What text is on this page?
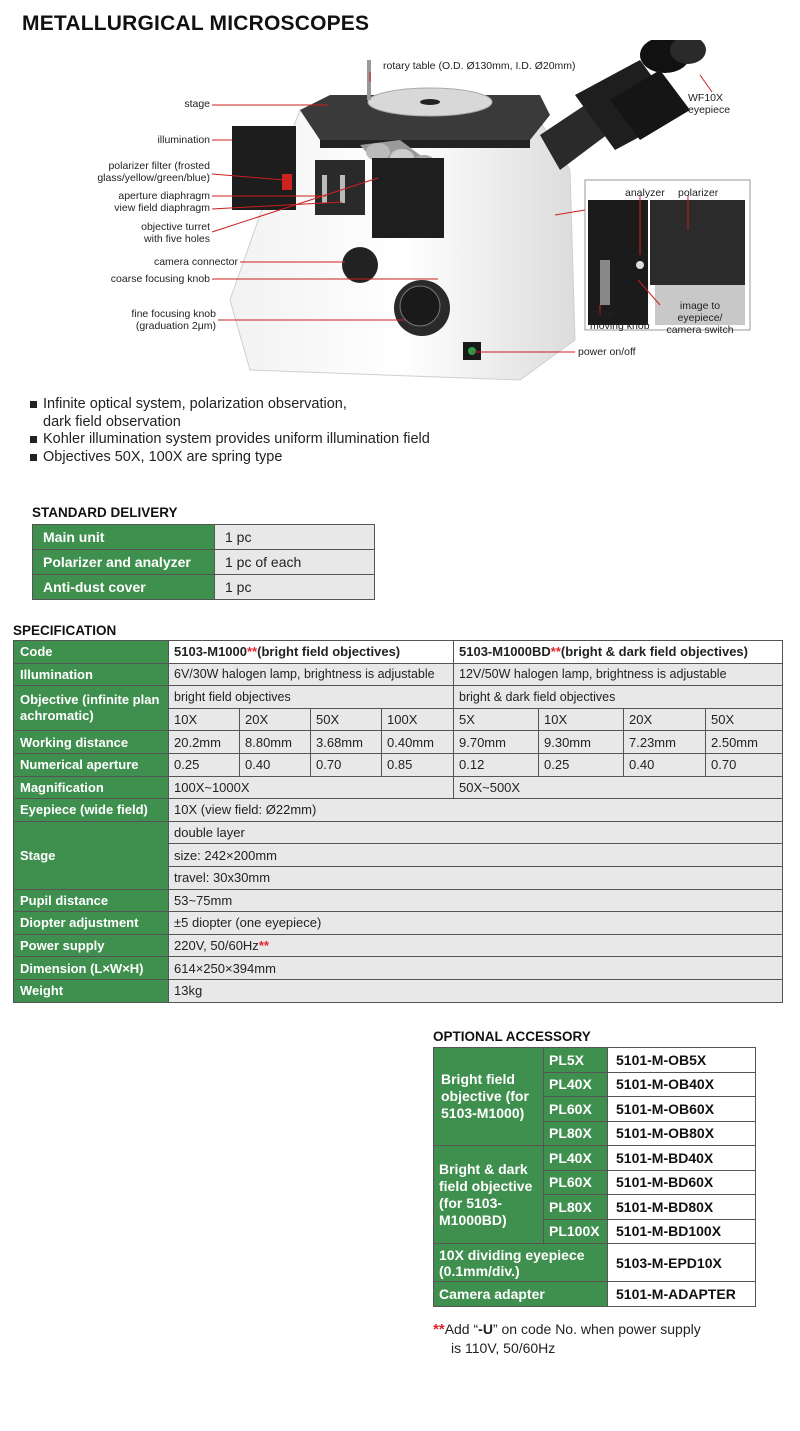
METALLURGICAL MICROSCOPES
rotary table (O.D. Ø130mm, I.D. Ø20mm)
stage	WF10X
eyepiece
illumination
polarizer filter (frosted
glass/yellow/green/blue)
aperture diaphragm
view field diaphragm
objective turret
with five holes
camera connector
coarse focusing knob
fine focusing knob
(graduation 2μm)
power on/off
analyzer polarizer
stage
moving knob
image to
eyepiece/
camera switch
Infinite optical system, polarization observation,
dark field observation
Kohler illumination system provides uniform illumination field
Objectives 50X, 100X are spring type
STANDARD DELIVERY
Main unit	1 pc
Polarizer and analyzer	1 pc of each
Anti-dust cover	1 pc
SPECIFICATION
Code	5103-M1000**(bright field objectives)				5103-M1000BD**(bright & dark field objectives)			
Illumination	6V/30W halogen lamp, brightness is adjustable				12V/50W halogen lamp, brightness is adjustable			
Objective (infinite plan achromatic)	bright field objectives				bright & dark field objectives			
	10X	20X	50X	100X	5X	10X	20X	50X
Working distance	20.2mm	8.80mm	3.68mm	0.40mm	9.70mm	9.30mm	7.23mm	2.50mm
Numerical aperture	0.25	0.40	0.70	0.85	0.12	0.25	0.40	0.70
Magnification	100X~1000X				50X~500X			
Eyepiece (wide field)	10X (view field: Ø22mm)							
Stage	double layer							
	size: 242×200mm							
	travel: 30x30mm							
Pupil distance	53~75mm							
Diopter adjustment	±5 diopter (one eyepiece)							
Power supply	220V, 50/60Hz**							
Dimension (L×W×H)	614×250×394mm							
Weight	13kg							
OPTIONAL ACCESSORY
Bright field objective (for 5103-M1000)	PL5X	5101-M-OB5X
	PL40X	5101-M-OB40X
	PL60X	5101-M-OB60X
	PL80X	5101-M-OB80X
Bright & dark field objective (for 5103-M1000BD)	PL40X	5101-M-BD40X
	PL60X	5101-M-BD60X
	PL80X	5101-M-BD80X
	PL100X	5101-M-BD100X
10X dividing eyepiece (0.1mm/div.)		5103-M-EPD10X
Camera adapter		5101-M-ADAPTER
**Add “-U” on code No. when power supply
is 110V, 50/60Hz
